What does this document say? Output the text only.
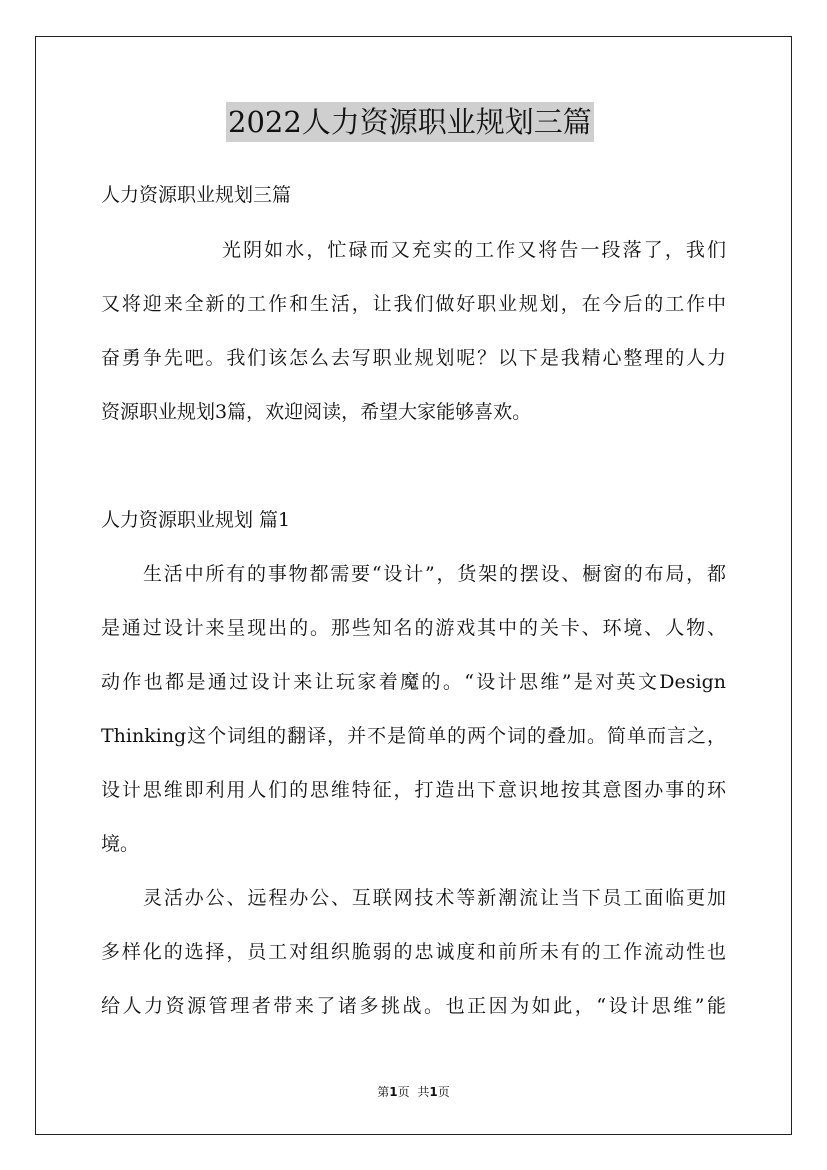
2022人力资源职业规划三篇
人力资源职业规划三篇
光阴如水，忙碌而又充实的工作又将告一段落了，我们
又将迎来全新的工作和生活，让我们做好职业规划，在今后的工作中
奋勇争先吧。我们该怎么去写职业规划呢？以下是我精心整理的人力
资源职业规划3篇，欢迎阅读，希望大家能够喜欢。
人力资源职业规划 篇1
生活中所有的事物都需要“设计”，货架的摆设、橱窗的布局，都
是通过设计来呈现出的。那些知名的游戏其中的关卡、环境、人物、
动作也都是通过设计来让玩家着魔的。“设计思维”是对英文Design
Thinking这个词组的翻译，并不是简单的两个词的叠加。简单而言之，
设计思维即利用人们的思维特征，打造出下意识地按其意图办事的环
境。
灵活办公、远程办公、互联网技术等新潮流让当下员工面临更加
多样化的选择，员工对组织脆弱的忠诚度和前所未有的工作流动性也
给人力资源管理者带来了诸多挑战。也正因为如此，“设计思维”能
第1页 共1页
